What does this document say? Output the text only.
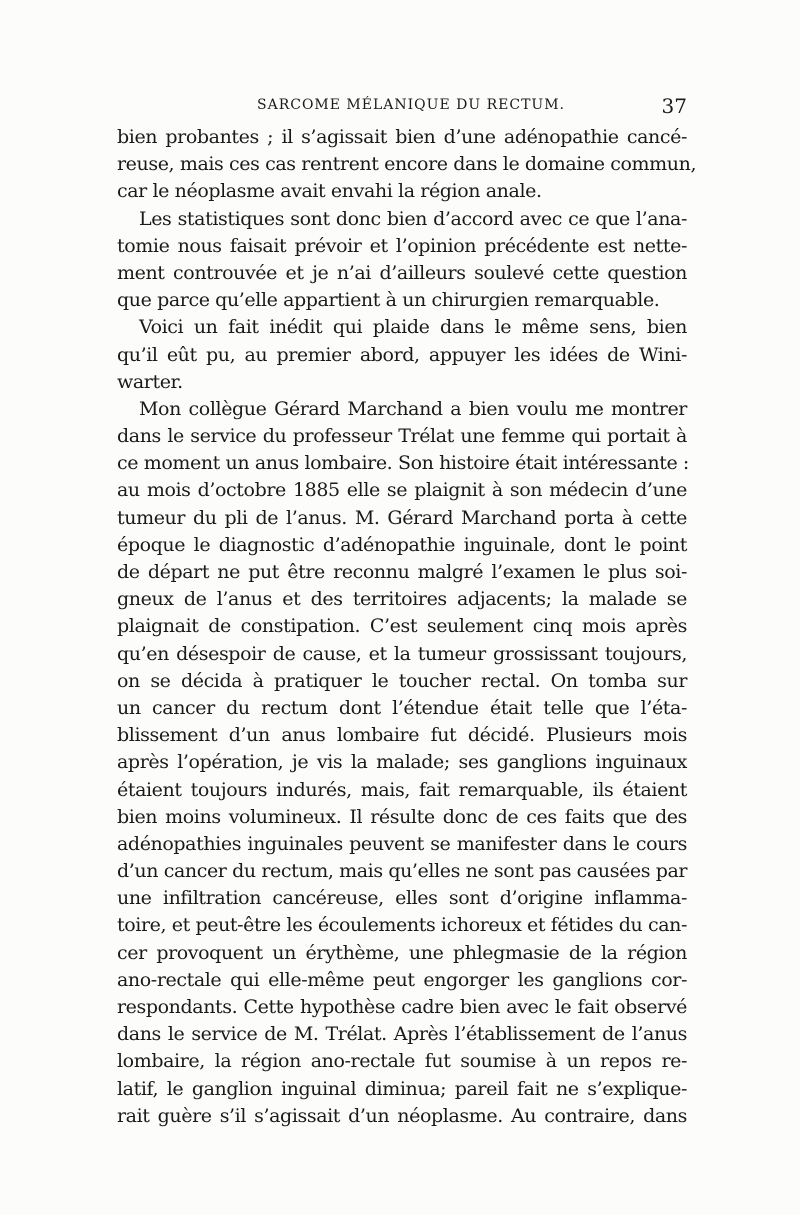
SARCOME MÉLANIQUE DU RECTUM.	37
bien probantes ; il s’agissait bien d’une adénopathie cancé-
reuse, mais ces cas rentrent encore dans le domaine commun,
car le néoplasme avait envahi la région anale.
Les statistiques sont donc bien d’accord avec ce que l’ana-
tomie nous faisait prévoir et l’opinion précédente est nette-
ment controuvée et je n’ai d’ailleurs soulevé cette question
que parce qu’elle appartient à un chirurgien remarquable.
Voici un fait inédit qui plaide dans le même sens, bien
qu’il eût pu, au premier abord, appuyer les idées de Wini-
warter.
Mon collègue Gérard Marchand a bien voulu me montrer
dans le service du professeur Trélat une femme qui portait à
ce moment un anus lombaire. Son histoire était intéressante :
au mois d’octobre 1885 elle se plaignit à son médecin d’une
tumeur du pli de l’anus. M. Gérard Marchand porta à cette
époque le diagnostic d’adénopathie inguinale, dont le point
de départ ne put être reconnu malgré l’examen le plus soi-
gneux de l’anus et des territoires adjacents; la malade se
plaignait de constipation. C’est seulement cinq mois après
qu’en désespoir de cause, et la tumeur grossissant toujours,
on se décida à pratiquer le toucher rectal. On tomba sur
un cancer du rectum dont l’étendue était telle que l’éta-
blissement d’un anus lombaire fut décidé. Plusieurs mois
après l’opération, je vis la malade; ses ganglions inguinaux
étaient toujours indurés, mais, fait remarquable, ils étaient
bien moins volumineux. Il résulte donc de ces faits que des
adénopathies inguinales peuvent se manifester dans le cours
d’un cancer du rectum, mais qu’elles ne sont pas causées par
une infiltration cancéreuse, elles sont d’origine inflamma-
toire, et peut-être les écoulements ichoreux et fétides du can-
cer provoquent un érythème, une phlegmasie de la région
ano-rectale qui elle-même peut engorger les ganglions cor-
respondants. Cette hypothèse cadre bien avec le fait observé
dans le service de M. Trélat. Après l’établissement de l’anus
lombaire, la région ano-rectale fut soumise à un repos re-
latif, le ganglion inguinal diminua; pareil fait ne s’explique-
rait guère s’il s’agissait d’un néoplasme. Au contraire, dans
